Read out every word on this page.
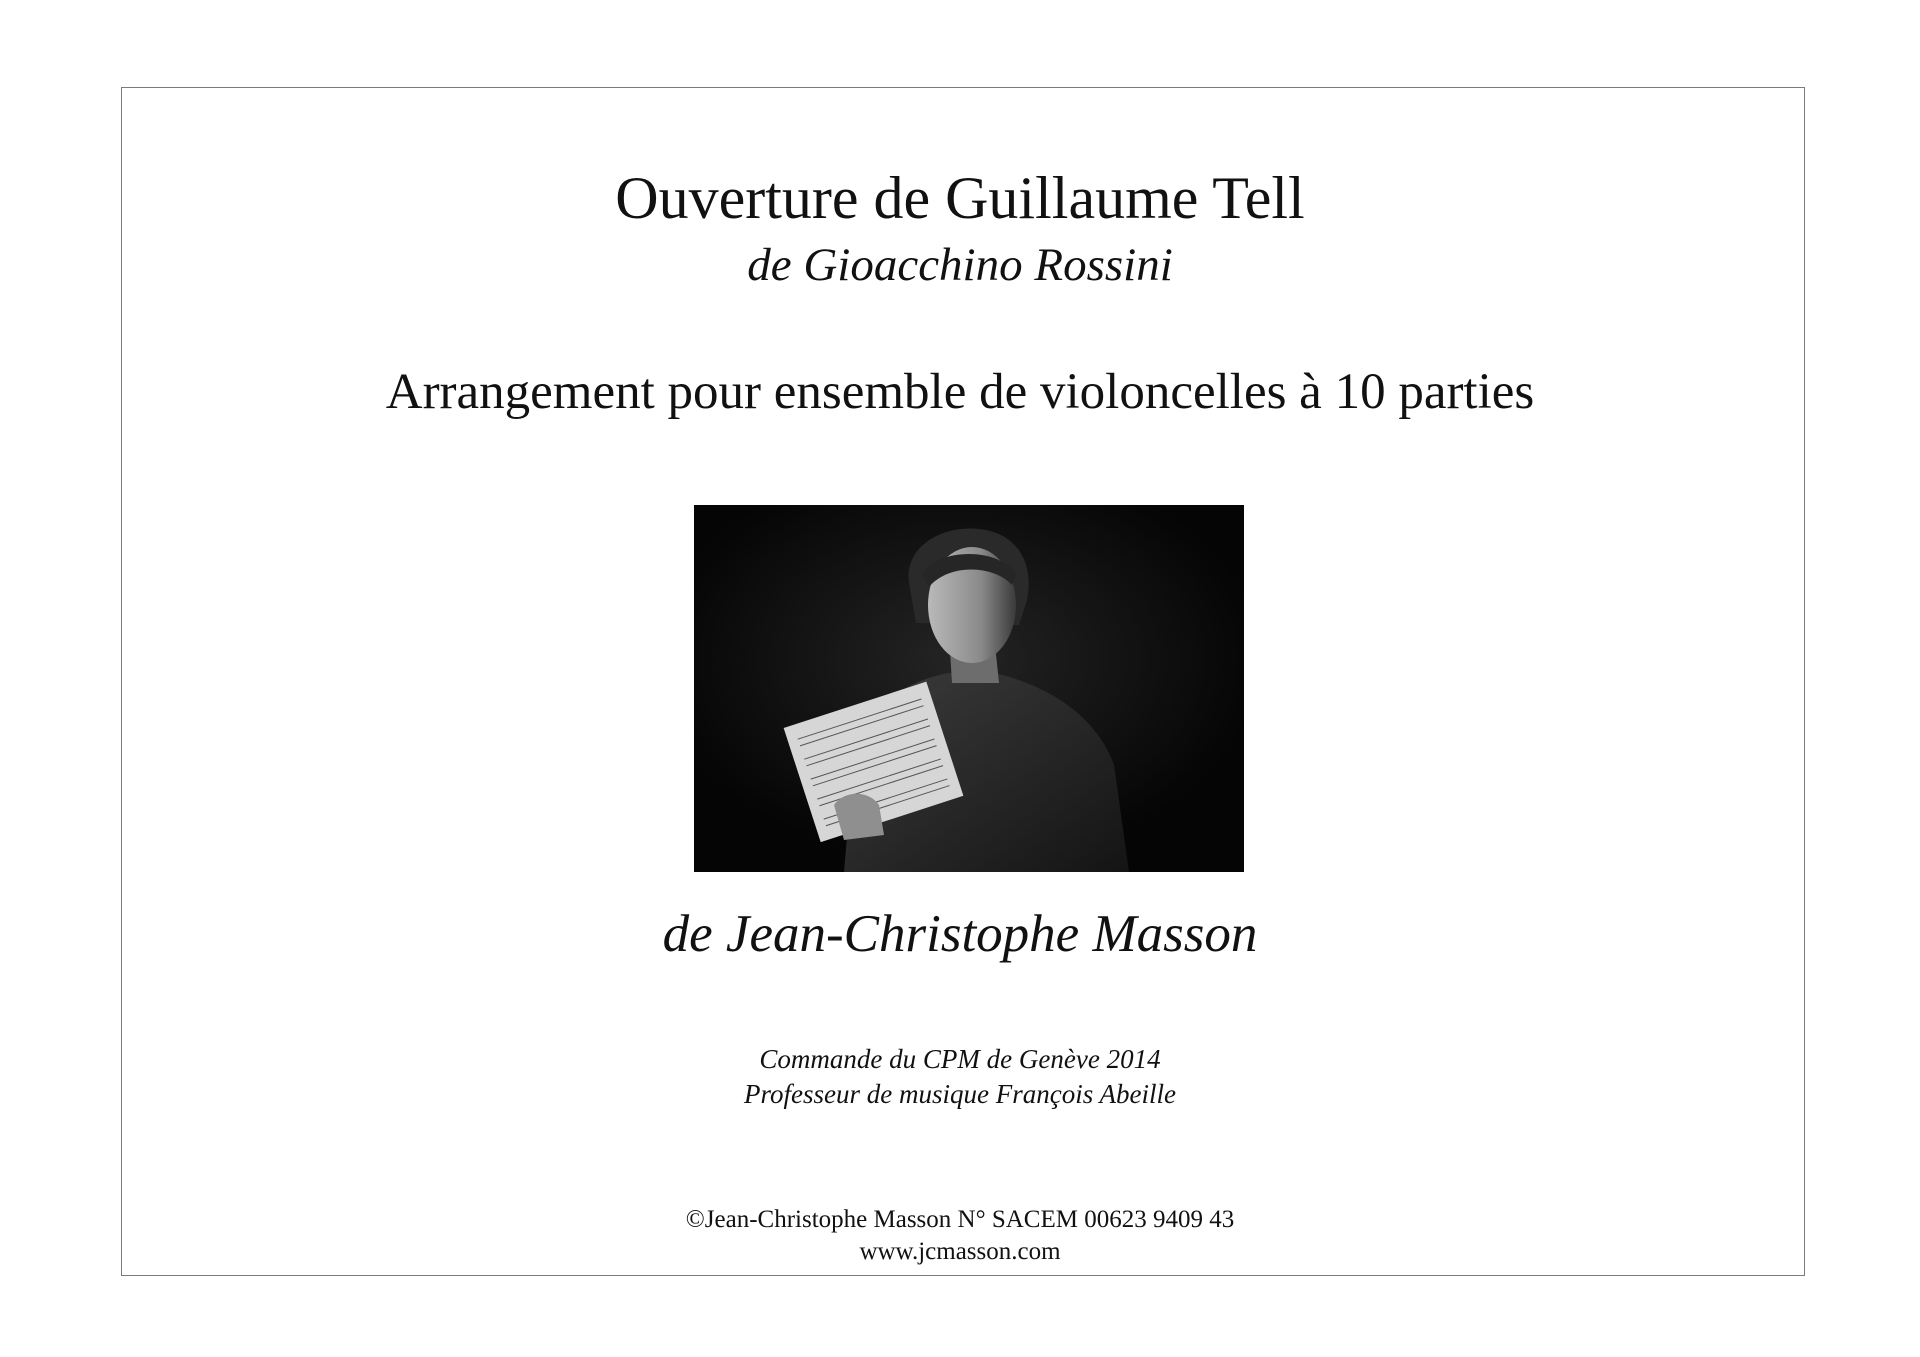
Ouverture de Guillaume Tell
de Gioacchino Rossini
Arrangement pour ensemble de violoncelles à 10 parties
de Jean-Christophe Masson
Commande du CPM de Genève 2014
Professeur de musique François Abeille
©Jean-Christophe Masson N° SACEM 00623 9409 43
www.jcmasson.com
